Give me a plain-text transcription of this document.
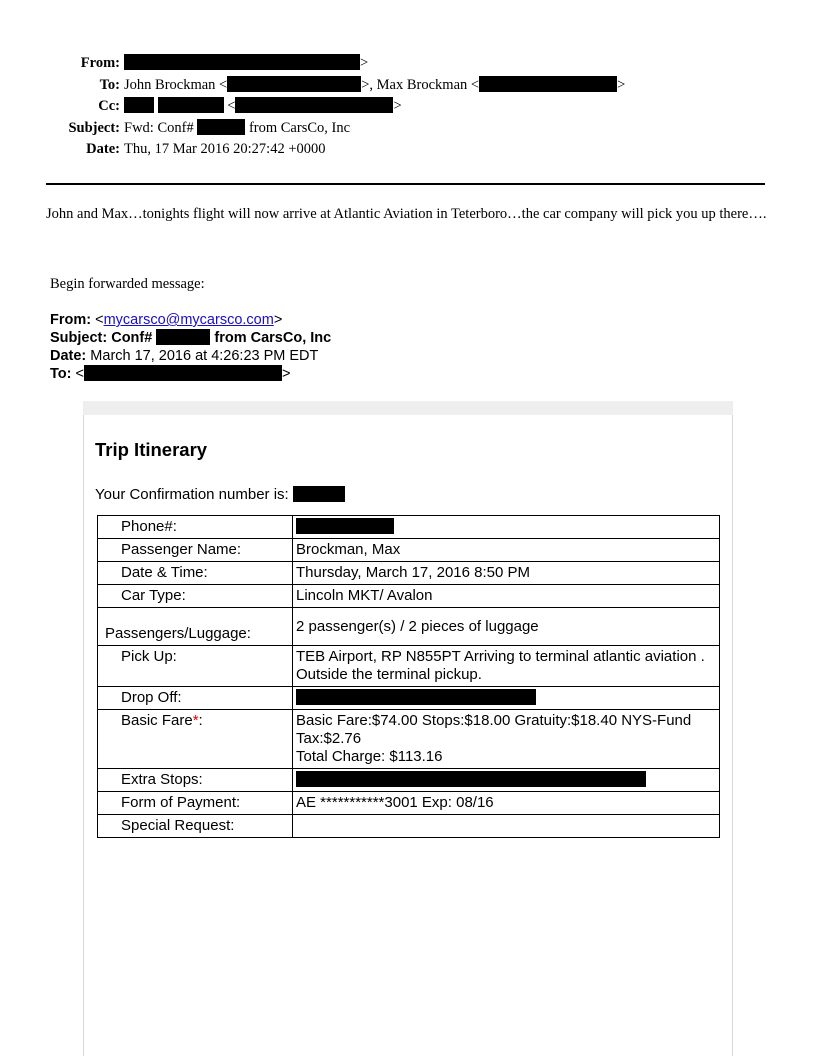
From:	>
To: John Brockman <	>, Max Brockman <	>
Cc:	<	>
Subject: Fwd: Conf#	from CarsCo, Inc
Date: Thu, 17 Mar 2016 20:27:42 +0000
John and Max…tonights flight will now arrive at Atlantic Aviation in Teterboro…the car company will pick you up there….
Begin forwarded message:
From: <mycarsco@mycarsco.com>
Subject: Conf#	from CarsCo, Inc
Date: March 17, 2016 at 4:26:23 PM EDT
To: <	>
Trip Itinerary
Your Confirmation number is:
Phone#:	
Passenger Name:	Brockman, Max
Date & Time:	Thursday, March 17, 2016 8:50 PM
Car Type:	Lincoln MKT/ Avalon
Passengers/Luggage:	2 passenger(s) / 2 pieces of luggage
Pick Up:	TEB Airport, RP N855PT Arriving to terminal atlantic aviation . Outside the terminal pickup.
Drop Off:	
Basic Fare*:	Basic Fare:$74.00 Stops:$18.00 Gratuity:$18.40 NYS-Fund Tax:$2.76
Total Charge: $113.16

Extra Stops:	
Form of Payment:	AE ***********3001 Exp: 08/16
Special Request:	
